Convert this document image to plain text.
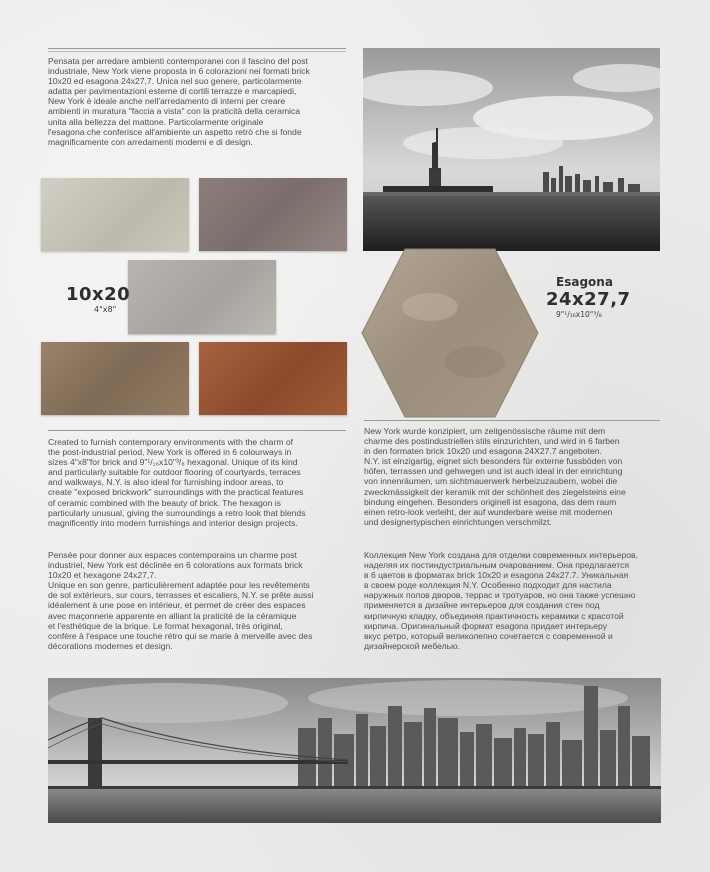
Pensata per arredare ambienti contemporanei con il fascino del post
industriale, New York viene proposta in 6 colorazioni nei formati brick
10x20 ed esagona 24x27,7. Unica nel suo genere, particolarmente
adatta per pavimentazioni esterne di cortili terrazze e marcapiedi,
New York è ideale anche nell'arredamento di interni per creare
ambienti in muratura "faccia a vista" con la praticità della ceramica
unita alla bellezza del mattone. Particolarmente originale
l'esagona che conferisce all'ambiente un aspetto retrò che si fonde
magnificamente con arredamenti moderni e di design.

10x20
4"x8"
Esagona
24x27,7
9"¹/₁₆x10"³/₈

Created to furnish contemporary environments with the charm of
the post-industrial period, New York is offered in 6 colourways in
sizes 4"x8"for brick and 9"¹/₁₆x10"³/₈ hexagonal. Unique of its kind
and particularly suitable for outdoor flooring of courtyards, terraces
and walkways, N.Y. is also ideal for furnishing indoor areas, to
create "exposed brickwork" surroundings with the practical features
of ceramic combined with the beauty of brick. The hexagon is
particularly unusual, giving the surroundings a retro look that blends
magnificently into modern furnishings and interior design projects.

Pensée pour donner aux espaces contemporains un charme post
industriel, New York est déclinée en 6 colorations aux formats brick
10x20 et hexagone 24x27,7.
Unique en son genre, particulièrement adaptée pour les revêtements
de sol extérieurs, sur cours, terrasses et escaliers, N.Y. se prête aussi
idéalement à une pose en intérieur, et permet de créer des espaces
avec maçonnerie apparente en alliant la praticité de la céramique
et l'esthétique de la brique. Le format hexagonal, très original,
confère à l'espace une touche rétro qui se marie à merveille avec des
décorations modernes et design.

New York wurde konzipiert, um zeitgenössische räume mit dem
charme des postindustriellen stils einzurichten, und wird in 6 farben
in den formaten brick 10x20 und esagona 24X27.7 angeboten.
N.Y. ist einzigartig, eignet sich besonders für externe fussböden von
höfen, terrassen und gehwegen und ist auch ideal in der einrichtung
von innenräumen, um sichtmauerwerk herbeizuzaubern, wobei die
zweckmässigkeit der keramik mit der schönheit des ziegelsteins eine
bindung eingehen. Besonders originell ist esagona, das dem raum
einen retro-look verleiht, der auf wunderbare weise mit modernen
und designertypischen einrichtungen verschmilzt.

Коллекция New York создана для отделки современных интерьеров,
наделяя их постиндустриальным очарованием. Она предлагается
в 6 цветов в форматах brick 10x20 и esagona 24x27.7. Уникальная
в своем роде коллекция N.Y. Особенно подходит для настила
наружных полов дворов, террас и тротуаров, но она также успешно
применяется в дизайне интерьеров для создания стен под
кирпичную кладку, объединяя практичность керамики с красотой
кирпича. Оригинальный формат esagona придает интерьеру
вкус ретро, который великолепно сочетается с современной и
дизайнерской мебелью.
